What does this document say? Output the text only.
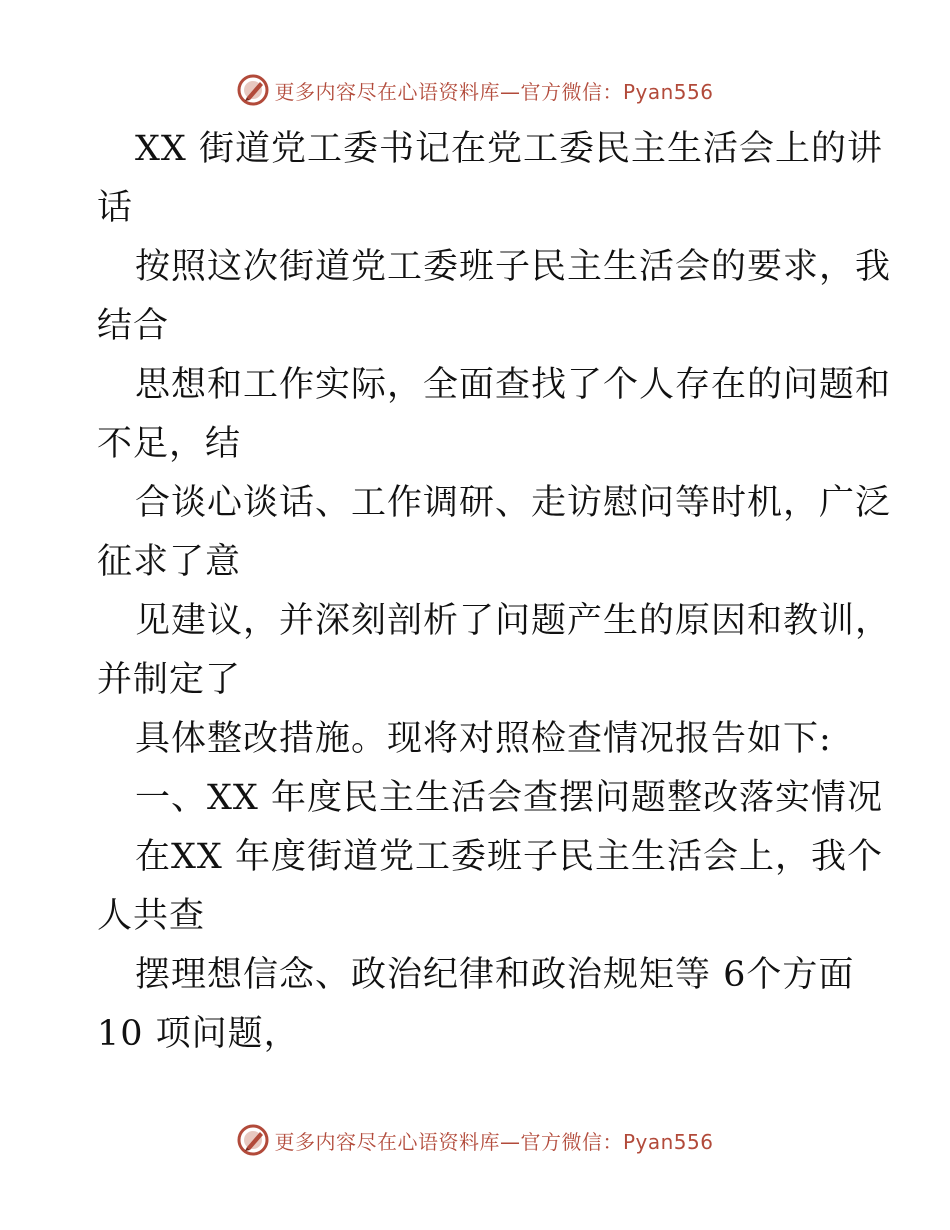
更多内容尽在心语资料库—官方微信：Pyan556
XX 街道党工委书记在党工委民主生活会上的讲
话
按照这次街道党工委班子民主生活会的要求，我
结合
思想和工作实际，全面查找了个人存在的问题和
不足，结
合谈心谈话、工作调研、走访慰问等时机，广泛
征求了意
见建议，并深刻剖析了问题产生的原因和教训，
并制定了
具体整改措施。现将对照检查情况报告如下:
一、XX 年度民主生活会查摆问题整改落实情况
在XX 年度街道党工委班子民主生活会上，我个
人共查
摆理想信念、政治纪律和政治规矩等 6个方面
10 项问题，
更多内容尽在心语资料库—官方微信：Pyan556
